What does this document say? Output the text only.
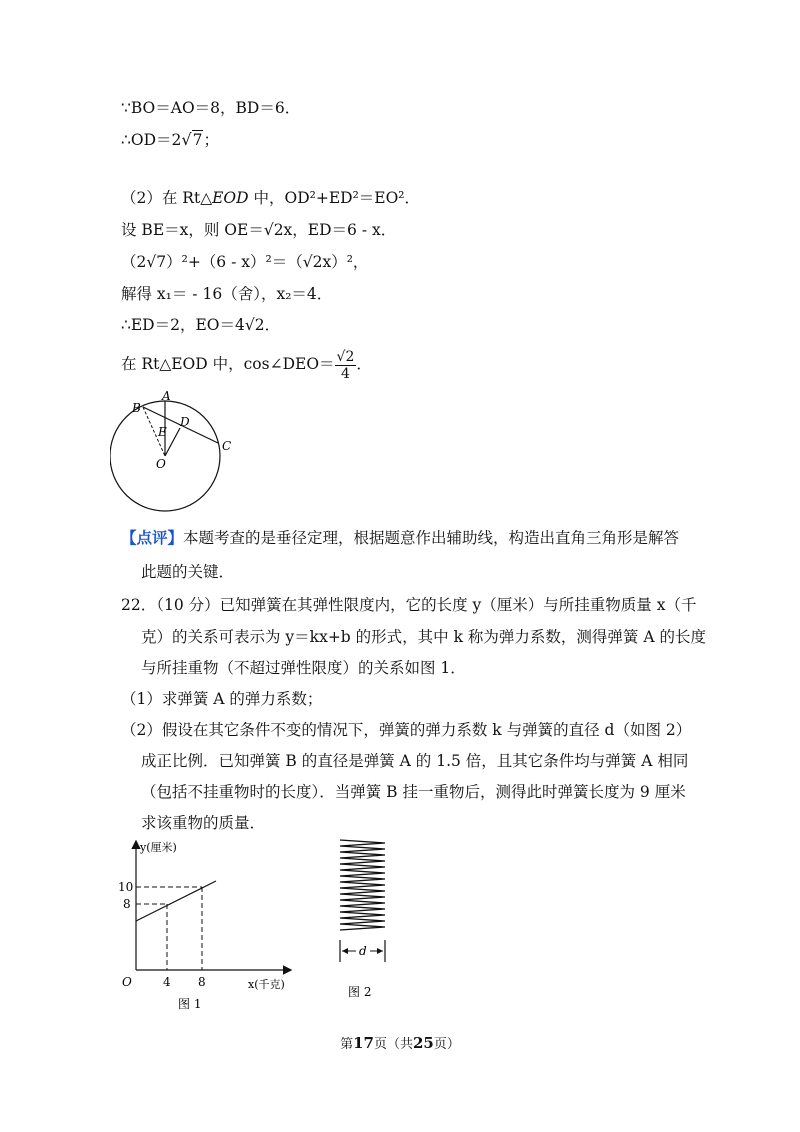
∵BO＝AO＝8，BD＝6．
∴OD＝2√7；
（2）在 Rt△EOD 中，OD²+ED²＝EO²．
设 BE＝x，则 OE＝√2x，ED＝6 - x．
（2√7）²+（6 - x）²＝（√2x）²，
解得 x₁＝ - 16（舍），x₂＝4．
∴ED＝2，EO＝4√2．
在 Rt△EOD 中，cos∠DEO＝ $\frac{√2}{4}$ ．
A
B
C
D
E
O
【点评】本题考查的是垂径定理，根据题意作出辅助线，构造出直角三角形是解答
此题的关键．
22．（10 分）已知弹簧在其弹性限度内，它的长度 y（厘米）与所挂重物质量 x（千
克）的关系可表示为 y＝kx+b 的形式，其中 k 称为弹力系数，测得弹簧 A 的长度
与所挂重物（不超过弹性限度）的关系如图 1．
（1）求弹簧 A 的弹力系数；
（2）假设在其它条件不变的情况下，弹簧的弹力系数 k 与弹簧的直径 d（如图 2）
成正比例．已知弹簧 B 的直径是弹簧 A 的 1.5 倍，且其它条件均与弹簧 A 相同
（包括不挂重物时的长度）．当弹簧 B 挂一重物后，测得此时弹簧长度为 9 厘米
求该重物的质量．
y(厘米)
x(千克)
O
10
8
4 8
图 1
d
图 2
第17页（共25页）
